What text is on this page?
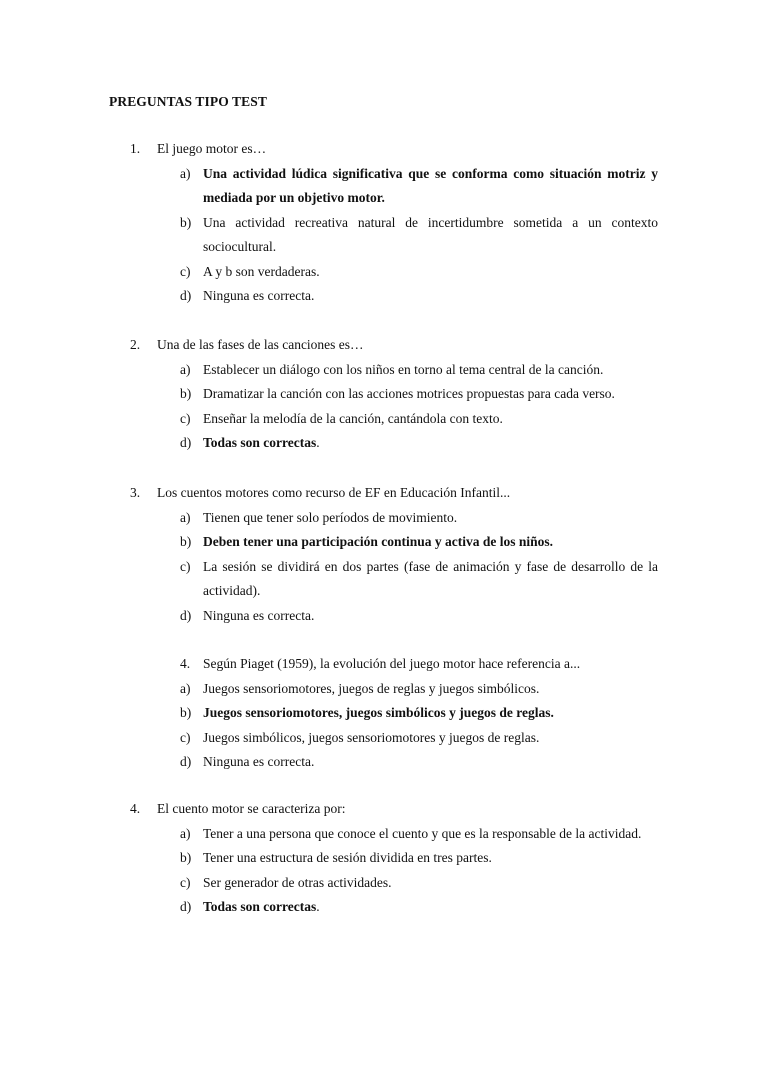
PREGUNTAS TIPO TEST
1.	El juego motor es…
a) Una actividad lúdica significativa que se conforma como situación motriz y mediada por un objetivo motor.
b) Una actividad recreativa natural de incertidumbre sometida a un contexto sociocultural.
c) A y b son verdaderas.
d) Ninguna es correcta.
2.	Una de las fases de las canciones es…
a) Establecer un diálogo con los niños en torno al tema central de la canción.
b) Dramatizar la canción con las acciones motrices propuestas para cada verso.
c) Enseñar la melodía de la canción, cantándola con texto.
d) Todas son correctas.
3.	Los cuentos motores como recurso de EF en Educación Infantil...
a) Tienen que tener solo períodos de movimiento.
b) Deben tener una participación continua y activa de los niños.
c) La sesión se dividirá en dos partes (fase de animación y fase de desarrollo de la actividad).
d) Ninguna es correcta.
4. Según Piaget (1959), la evolución del juego motor hace referencia a...
a) Juegos sensoriomotores, juegos de reglas y juegos simbólicos.
b) Juegos sensoriomotores, juegos simbólicos y juegos de reglas.
c) Juegos simbólicos, juegos sensoriomotores y juegos de reglas.
d) Ninguna es correcta.
4.	El cuento motor se caracteriza por:
a) Tener a una persona que conoce el cuento y que es la responsable de la actividad.
b) Tener una estructura de sesión dividida en tres partes.
c) Ser generador de otras actividades.
d) Todas son correctas.
